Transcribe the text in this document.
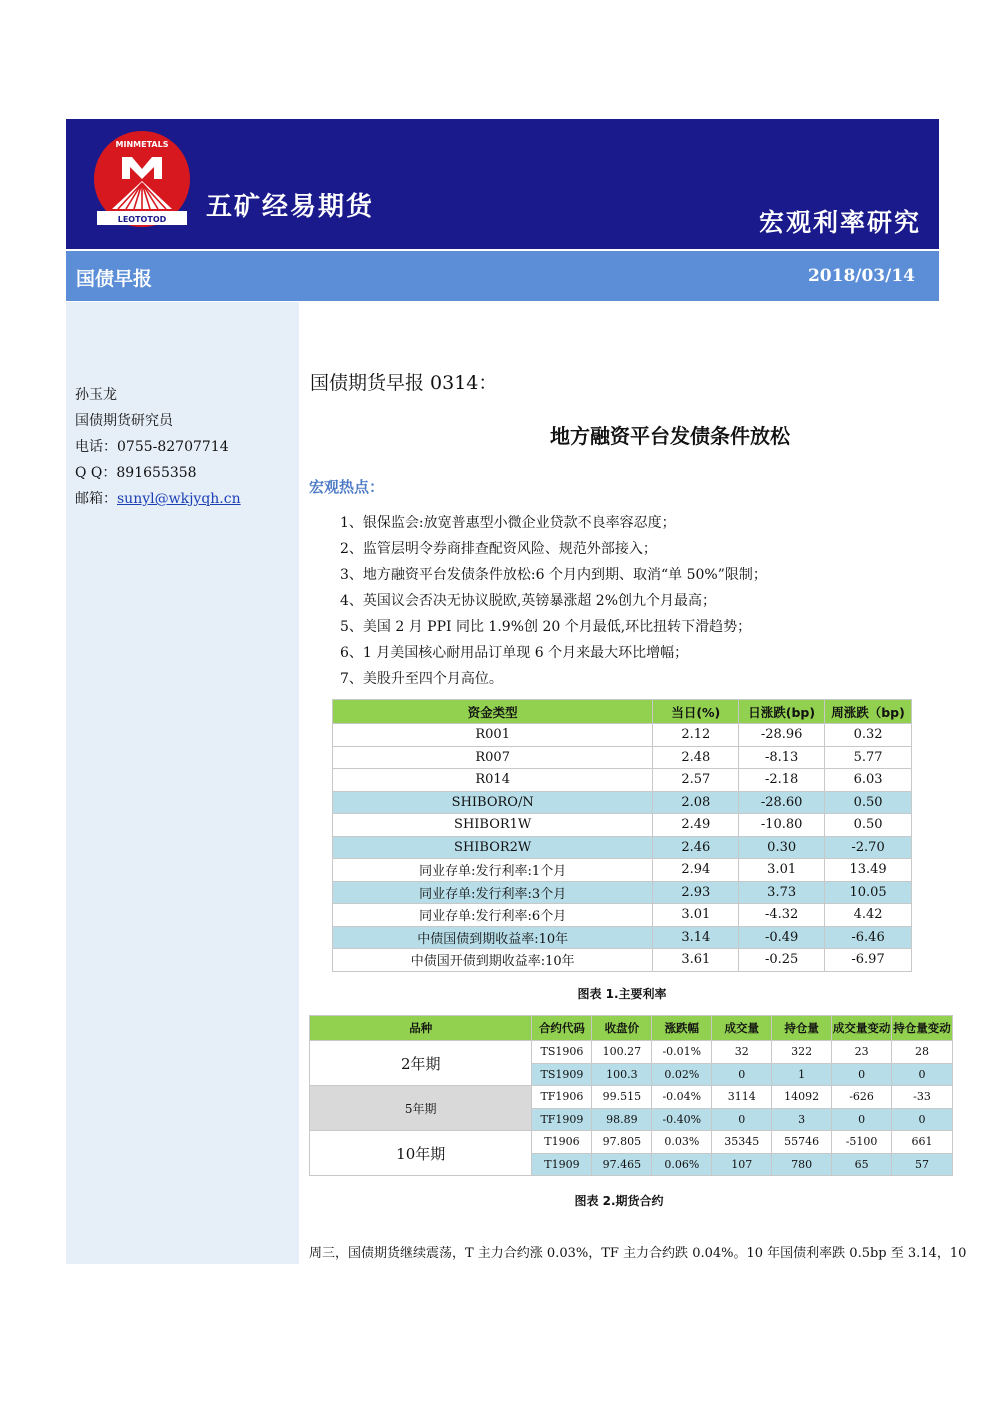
MINMETALS
LEOTOTOD 五矿经易期货
宏观利率研究
国债早报	2018/03/14
孙玉龙
国债期货研究员
电话：0755-82707714
Q Q：891655358
邮箱：sunyl@wkjyqh.cn
国债期货早报 0314：
地方融资平台发债条件放松
宏观热点：
1、银保监会:放宽普惠型小微企业贷款不良率容忍度；
2、监管层明令券商排查配资风险、规范外部接入；
3、地方融资平台发债条件放松:6 个月内到期、取消“单 50%”限制；
4、英国议会否决无协议脱欧,英镑暴涨超 2%创九个月最高；
5、美国 2 月 PPI 同比 1.9%创 20 个月最低,环比扭转下滑趋势；
6、1 月美国核心耐用品订单现 6 个月来最大环比增幅；
7、美股升至四个月高位。
资金类型	当日(%)	日涨跌(bp)	周涨跌（bp)
R001	2.12	-28.96	0.32
R007	2.48	-8.13	5.77
R014	2.57	-2.18	6.03
SHIBORO/N	2.08	-28.60	0.50
SHIBOR1W	2.49	-10.80	0.50
SHIBOR2W	2.46	0.30	-2.70
同业存单:发行利率:1个月	2.94	3.01	13.49
同业存单:发行利率:3个月	2.93	3.73	10.05
同业存单:发行利率:6个月	3.01	-4.32	4.42
中债国债到期收益率:10年	3.14	-0.49	-6.46
中债国开债到期收益率:10年	3.61	-0.25	-6.97
图表 1.主要利率
品种	合约代码	收盘价	涨跌幅	成交量	持仓量	成交量变动	持仓量变动
2年期	TS1906	100.27	-0.01%	32	322	23	28
	TS1909	100.3	0.02%	0	1	0	0
5年期	TF1906	99.515	-0.04%	3114	14092	-626	-33
	TF1909	98.89	-0.40%	0	3	0	0
10年期	T1906	97.805	0.03%	35345	55746	-5100	661
	T1909	97.465	0.06%	107	780	65	57
图表 2.期货合约
周三，国债期货继续震荡，T 主力合约涨 0.03%，TF 主力合约跌 0.04%。10 年国债利率跌 0.5bp 至 3.14，10
